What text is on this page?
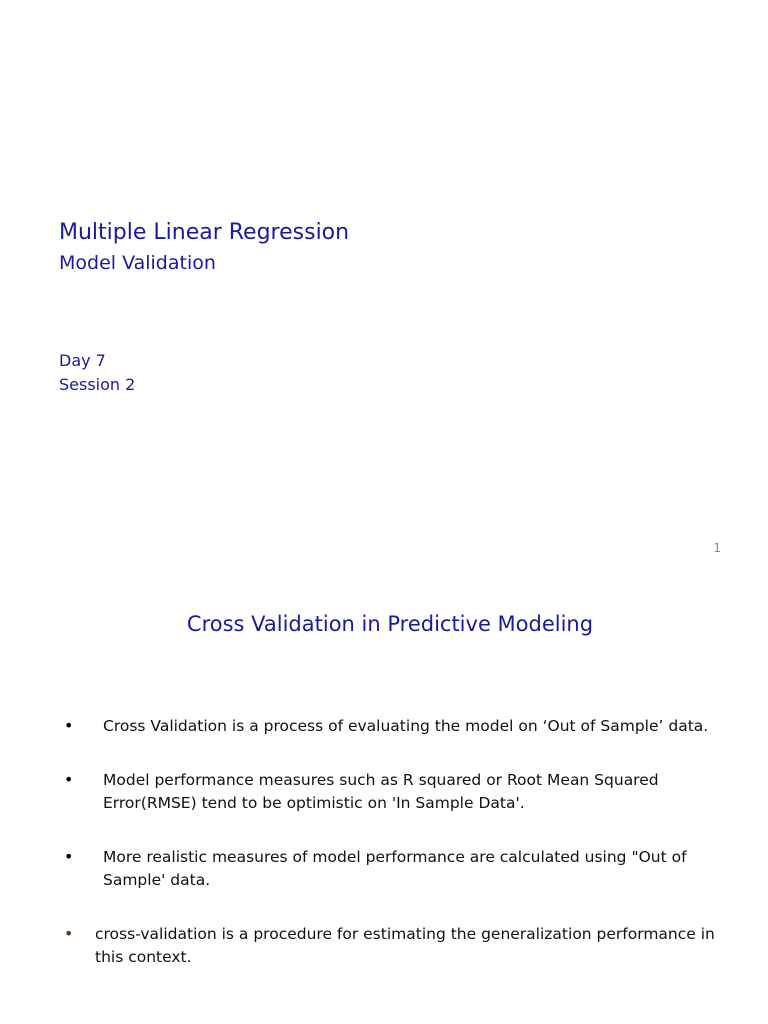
Multiple Linear Regression
Model Validation
Day 7
Session 2
1
Cross Validation in Predictive Modeling
• Cross Validation is a process of evaluating the model on ‘Out of Sample’ data.
• Model performance measures such as R squared or Root Mean Squared Error(RMSE) tend to be optimistic on 'In Sample Data'.
• More realistic measures of model performance are calculated using "Out of Sample' data.
• cross-validation is a procedure for estimating the generalization performance in this context.
